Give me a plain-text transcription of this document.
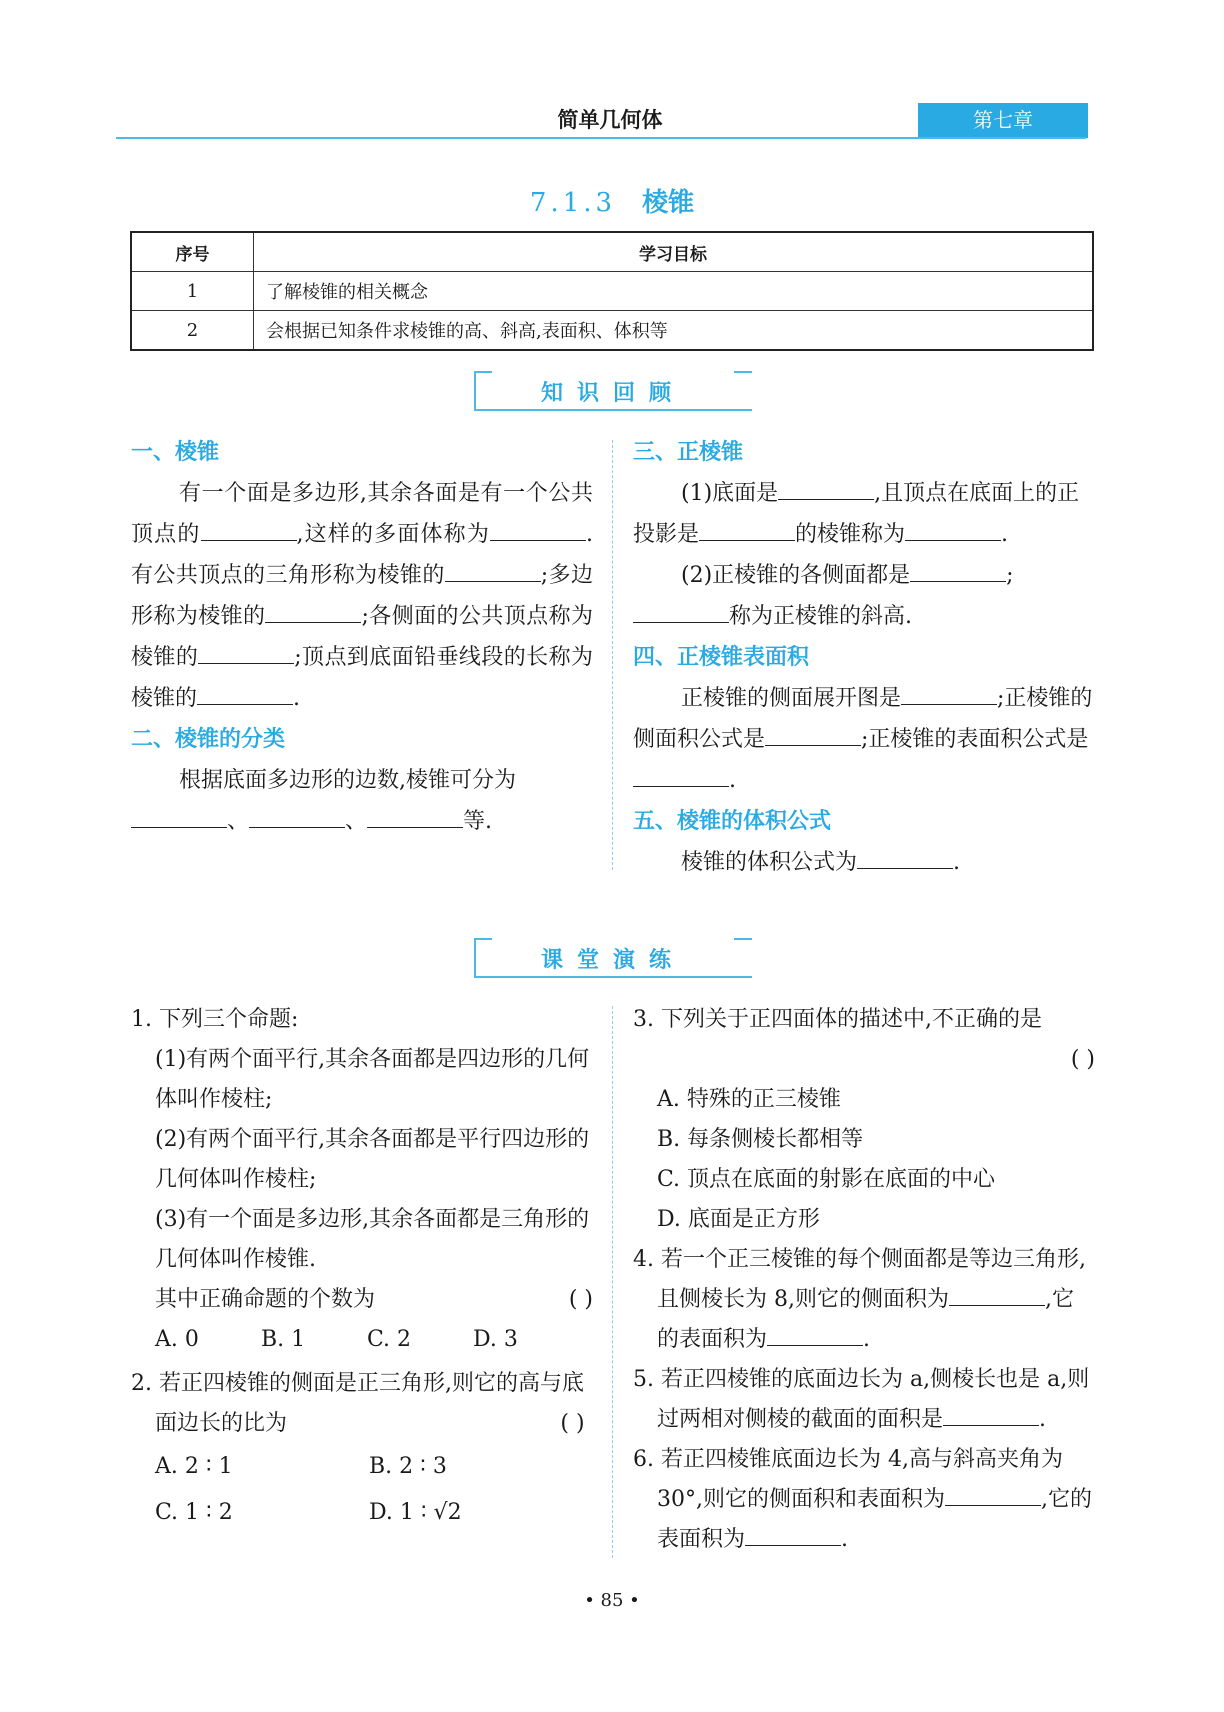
简单几何体	第七章
7.1.3 棱锥
序号	学习目标
1	了解棱锥的相关概念
2	会根据已知条件求棱锥的高、斜高,表面积、体积等
知识回顾

一、棱锥

有一个面是多边形,其余各面是有一个公共顶点的	,这样的多面体称为	.有公共顶点的三角形称为棱锥的	;多边形称为棱锥的	;各侧面的公共顶点称为棱锥的	;顶点到底面铅垂线段的长称为棱锥的	.

二、棱锥的分类

根据底面多边形的边数,棱锥可分为、	、	等.

三、正棱锥

(1)底面是	,且顶点在底面上的正投影是	的棱锥称为	.

(2)正棱锥的各侧面都是	;称为正棱锥的斜高.

四、正棱锥表面积

正棱锥的侧面展开图是	;正棱锥的侧面积公式是	;正棱锥的表面积公式是.

五、棱锥的体积公式

棱锥的体积公式为	.

课堂演练

1. 下列三个命题:

(1)有两个面平行,其余各面都是四边形的几何体叫作棱柱;

(2)有两个面平行,其余各面都是平行四边形的几何体叫作棱柱;

(3)有一个面是多边形,其余各面都是三角形的几何体叫作棱锥.

其中正确命题的个数为	( )

A. 0	B. 1	C. 2	D. 3

2. 若正四棱锥的侧面是正三角形,则它的高与底面边长的比为	( )

A. 2 ∶ 1	B. 2 ∶ 3

C. 1 ∶ 2	D. 1 ∶ √2

3. 下列关于正四面体的描述中,不正确的是

( )

A. 特殊的正三棱锥

B. 每条侧棱长都相等

C. 顶点在底面的射影在底面的中心

D. 底面是正方形

4. 若一个正三棱锥的每个侧面都是等边三角形,且侧棱长为 8,则它的侧面积为	,它的表面积为	.

5. 若正四棱锥的底面边长为 a,侧棱长也是 a,则过两相对侧棱的截面的面积是	.

6. 若正四棱锥底面边长为 4,高与斜高夹角为 30°,则它的侧面积和表面积为	,它的表面积为	.

• 85 •
